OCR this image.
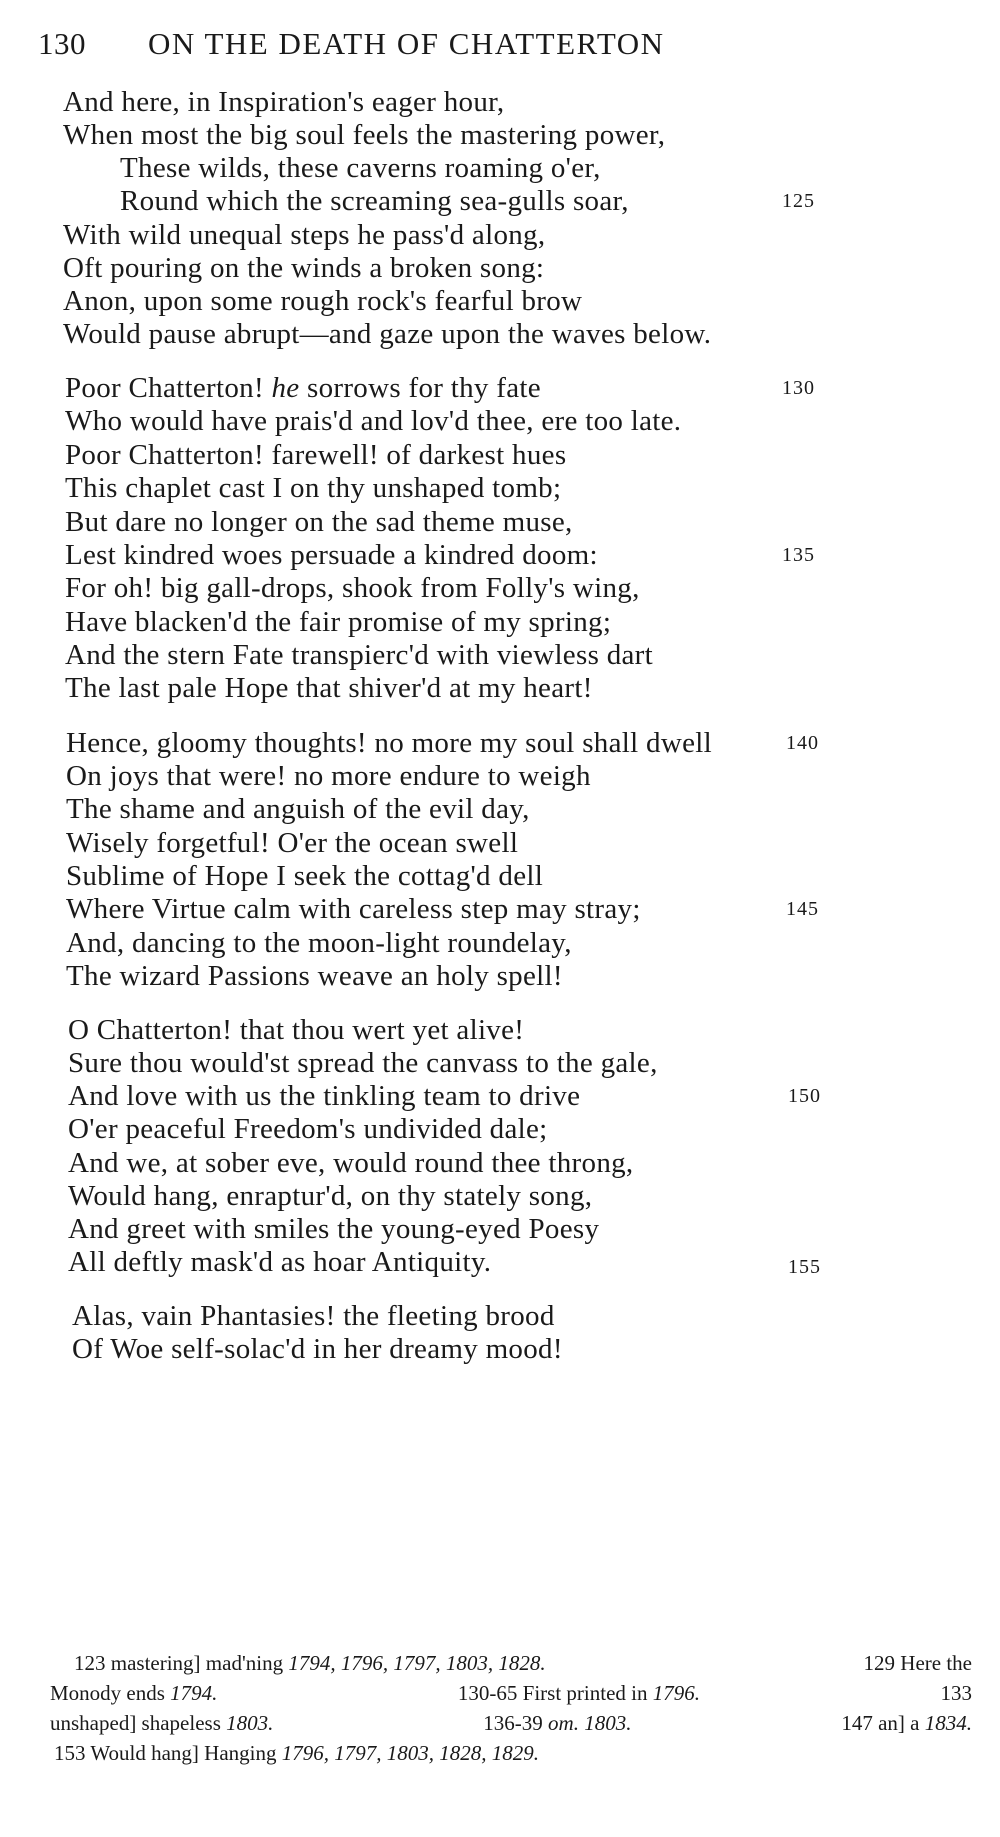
130 ON THE DEATH OF CHATTERTON
And here, in Inspiration's eager hour,
When most the big soul feels the mastering power,
These wilds, these caverns roaming o'er,
Round which the screaming sea-gulls soar,	125
With wild unequal steps he pass'd along,
Oft pouring on the winds a broken song:
Anon, upon some rough rock's fearful brow
Would pause abrupt—and gaze upon the waves below.
Poor Chatterton! he sorrows for thy fate	130
Who would have prais'd and lov'd thee, ere too late.
Poor Chatterton! farewell! of darkest hues
This chaplet cast I on thy unshaped tomb;
But dare no longer on the sad theme muse,
Lest kindred woes persuade a kindred doom:	135
For oh! big gall-drops, shook from Folly's wing,
Have blacken'd the fair promise of my spring;
And the stern Fate transpierc'd with viewless dart
The last pale Hope that shiver'd at my heart!
Hence, gloomy thoughts! no more my soul shall dwell	140
On joys that were! no more endure to weigh
The shame and anguish of the evil day,
Wisely forgetful! O'er the ocean swell
Sublime of Hope I seek the cottag'd dell
Where Virtue calm with careless step may stray;	145
And, dancing to the moon-light roundelay,
The wizard Passions weave an holy spell!
O Chatterton! that thou wert yet alive!
Sure thou would'st spread the canvass to the gale,
And love with us the tinkling team to drive	150
O'er peaceful Freedom's undivided dale;
And we, at sober eve, would round thee throng,
Would hang, enraptur'd, on thy stately song,
And greet with smiles the young-eyed Poesy
All deftly mask'd as hoar Antiquity.	155
Alas, vain Phantasies! the fleeting brood
Of Woe self-solac'd in her dreamy mood!
123 mastering] mad'ning 1794, 1796, 1797, 1803, 1828.	129 Here the
Monody ends 1794.	130-65 First printed in 1796.	133
unshaped] shapeless 1803.	136-39 om. 1803.	147 an] a 1834.
153 Would hang] Hanging 1796, 1797, 1803, 1828, 1829.
